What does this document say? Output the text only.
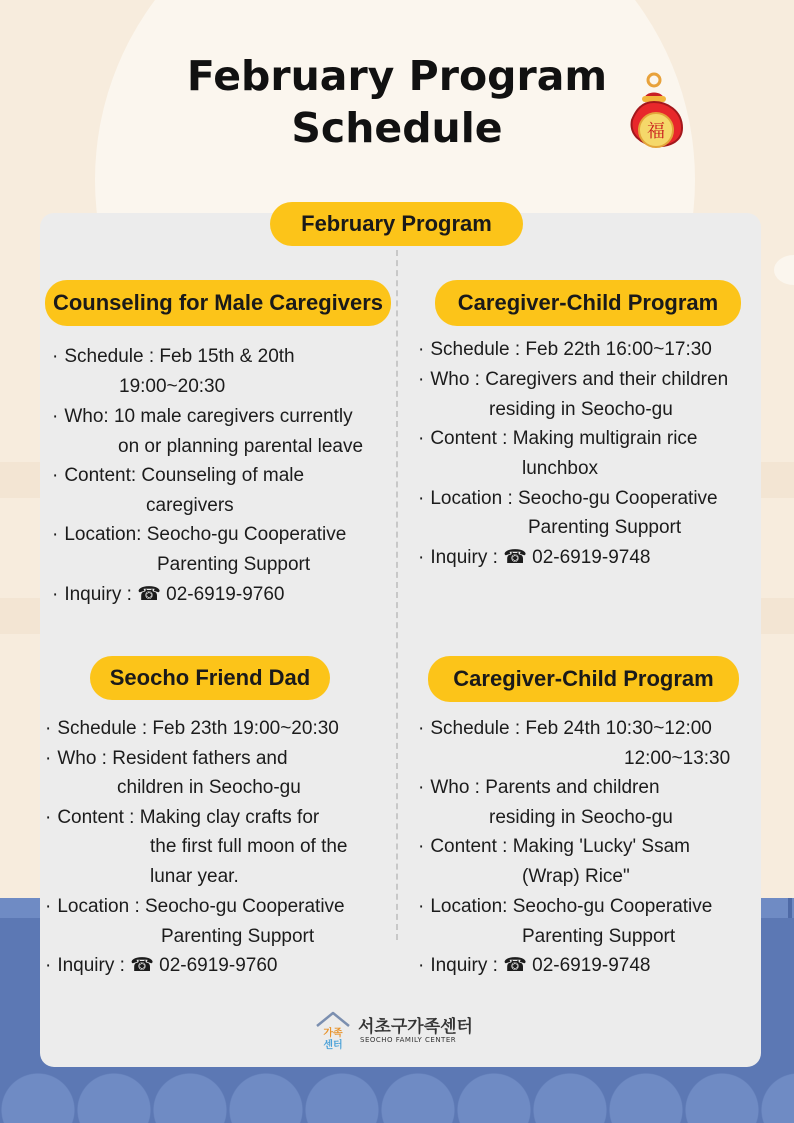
February Program Schedule	福
February Program
Counseling for Male Caregivers
· Schedule : Feb 15th & 20th
19:00~20:30
· Who: 10 male caregivers currently
on or planning parental leave
· Content: Counseling of male
caregivers
· Location: Seocho-gu Cooperative
Parenting Support
· Inquiry : ☎ 02-6919-9760
Caregiver-Child Program
· Schedule : Feb 22th 16:00~17:30
· Who : Caregivers and their children
residing in Seocho-gu
· Content : Making multigrain rice
lunchbox
· Location : Seocho-gu Cooperative
Parenting Support
· Inquiry : ☎ 02-6919-9748
Seocho Friend Dad
· Schedule : Feb 23th 19:00~20:30
· Who : Resident fathers and
children in Seocho-gu
· Content : Making clay crafts for
the first full moon of the
lunar year.
· Location : Seocho-gu Cooperative
Parenting Support
· Inquiry : ☎ 02-6919-9760
Caregiver-Child Program
· Schedule : Feb 24th 10:30~12:00
12:00~13:30
· Who : Parents and children
residing in Seocho-gu
· Content : Making 'Lucky' Ssam
(Wrap) Rice"
· Location: Seocho-gu Cooperative
Parenting Support
· Inquiry : ☎ 02-6919-9748
가족
센터
서초구가족센터
SEOCHO FAMILY CENTER
